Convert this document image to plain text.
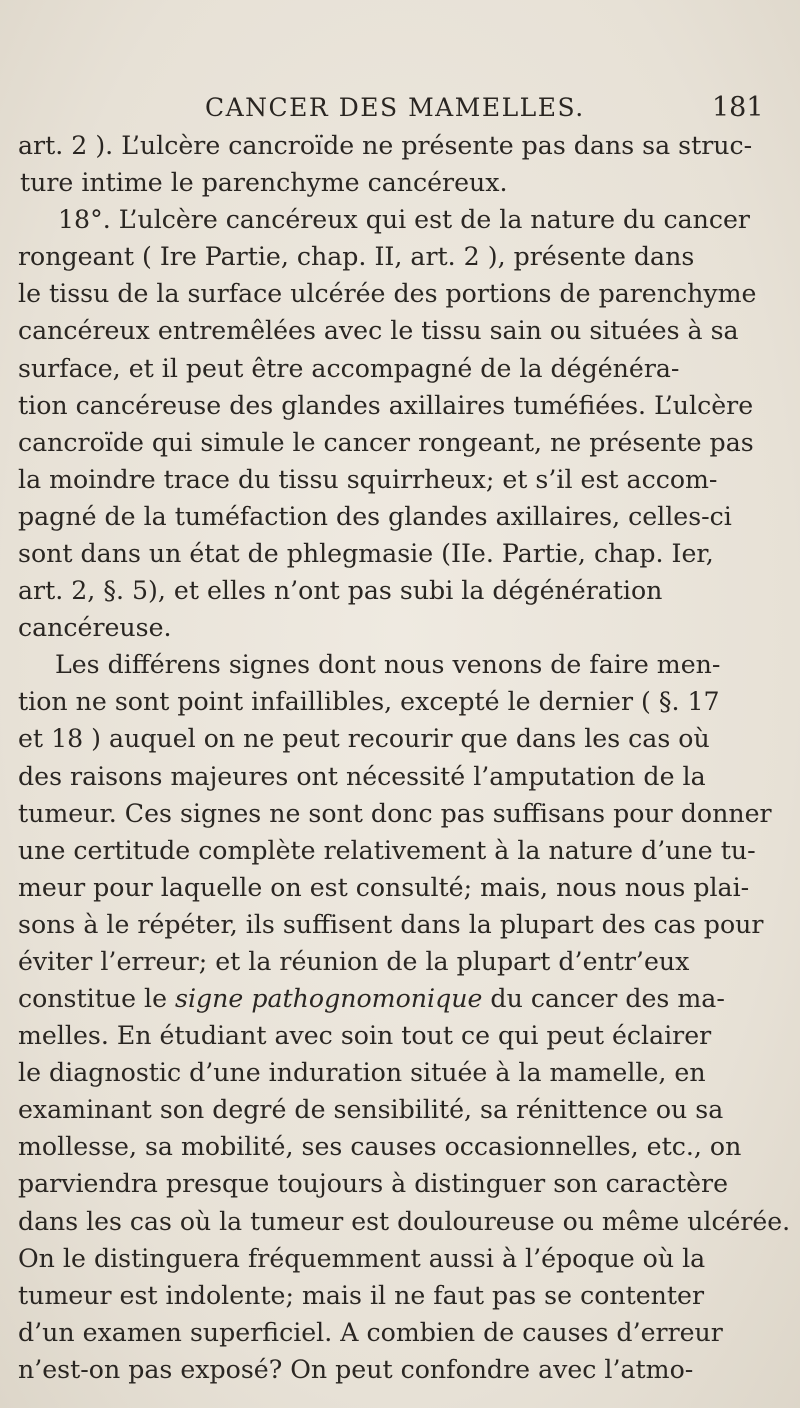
CANCER DES MAMELLES.	181
art. 2 ). L’ulcère cancroïde ne présente pas dans sa struc-
ture intime le parenchyme cancéreux.
18°. L’ulcère cancéreux qui est de la nature du cancer
rongeant ( Ire Partie, chap. II, art. 2 ), présente dans
le tissu de la surface ulcérée des portions de parenchyme
cancéreux entremêlées avec le tissu sain ou situées à sa
surface, et il peut être accompagné de la dégénéra-
tion cancéreuse des glandes axillaires tuméfiées. L’ulcère
cancroïde qui simule le cancer rongeant, ne présente pas
la moindre trace du tissu squirrheux; et s’il est accom-
pagné de la tuméfaction des glandes axillaires, celles-ci
sont dans un état de phlegmasie (IIe. Partie, chap. Ier,
art. 2, §. 5), et elles n’ont pas subi la dégénération
cancéreuse.
Les différens signes dont nous venons de faire men-
tion ne sont point infaillibles, excepté le dernier ( §. 17
et 18 ) auquel on ne peut recourir que dans les cas où
des raisons majeures ont nécessité l’amputation de la
tumeur. Ces signes ne sont donc pas suffisans pour donner
une certitude complète relativement à la nature d’une tu-
meur pour laquelle on est consulté; mais, nous nous plai-
sons à le répéter, ils suffisent dans la plupart des cas pour
éviter l’erreur; et la réunion de la plupart d’entr’eux
constitue le signe pathognomonique du cancer des ma-
melles. En étudiant avec soin tout ce qui peut éclairer
le diagnostic d’une induration située à la mamelle, en
examinant son degré de sensibilité, sa rénittence ou sa
mollesse, sa mobilité, ses causes occasionnelles, etc., on
parviendra presque toujours à distinguer son caractère
dans les cas où la tumeur est douloureuse ou même ulcérée.
On le distinguera fréquemment aussi à l’époque où la
tumeur est indolente; mais il ne faut pas se contenter
d’un examen superficiel. A combien de causes d’erreur
n’est-on pas exposé? On peut confondre avec l’atmo-
